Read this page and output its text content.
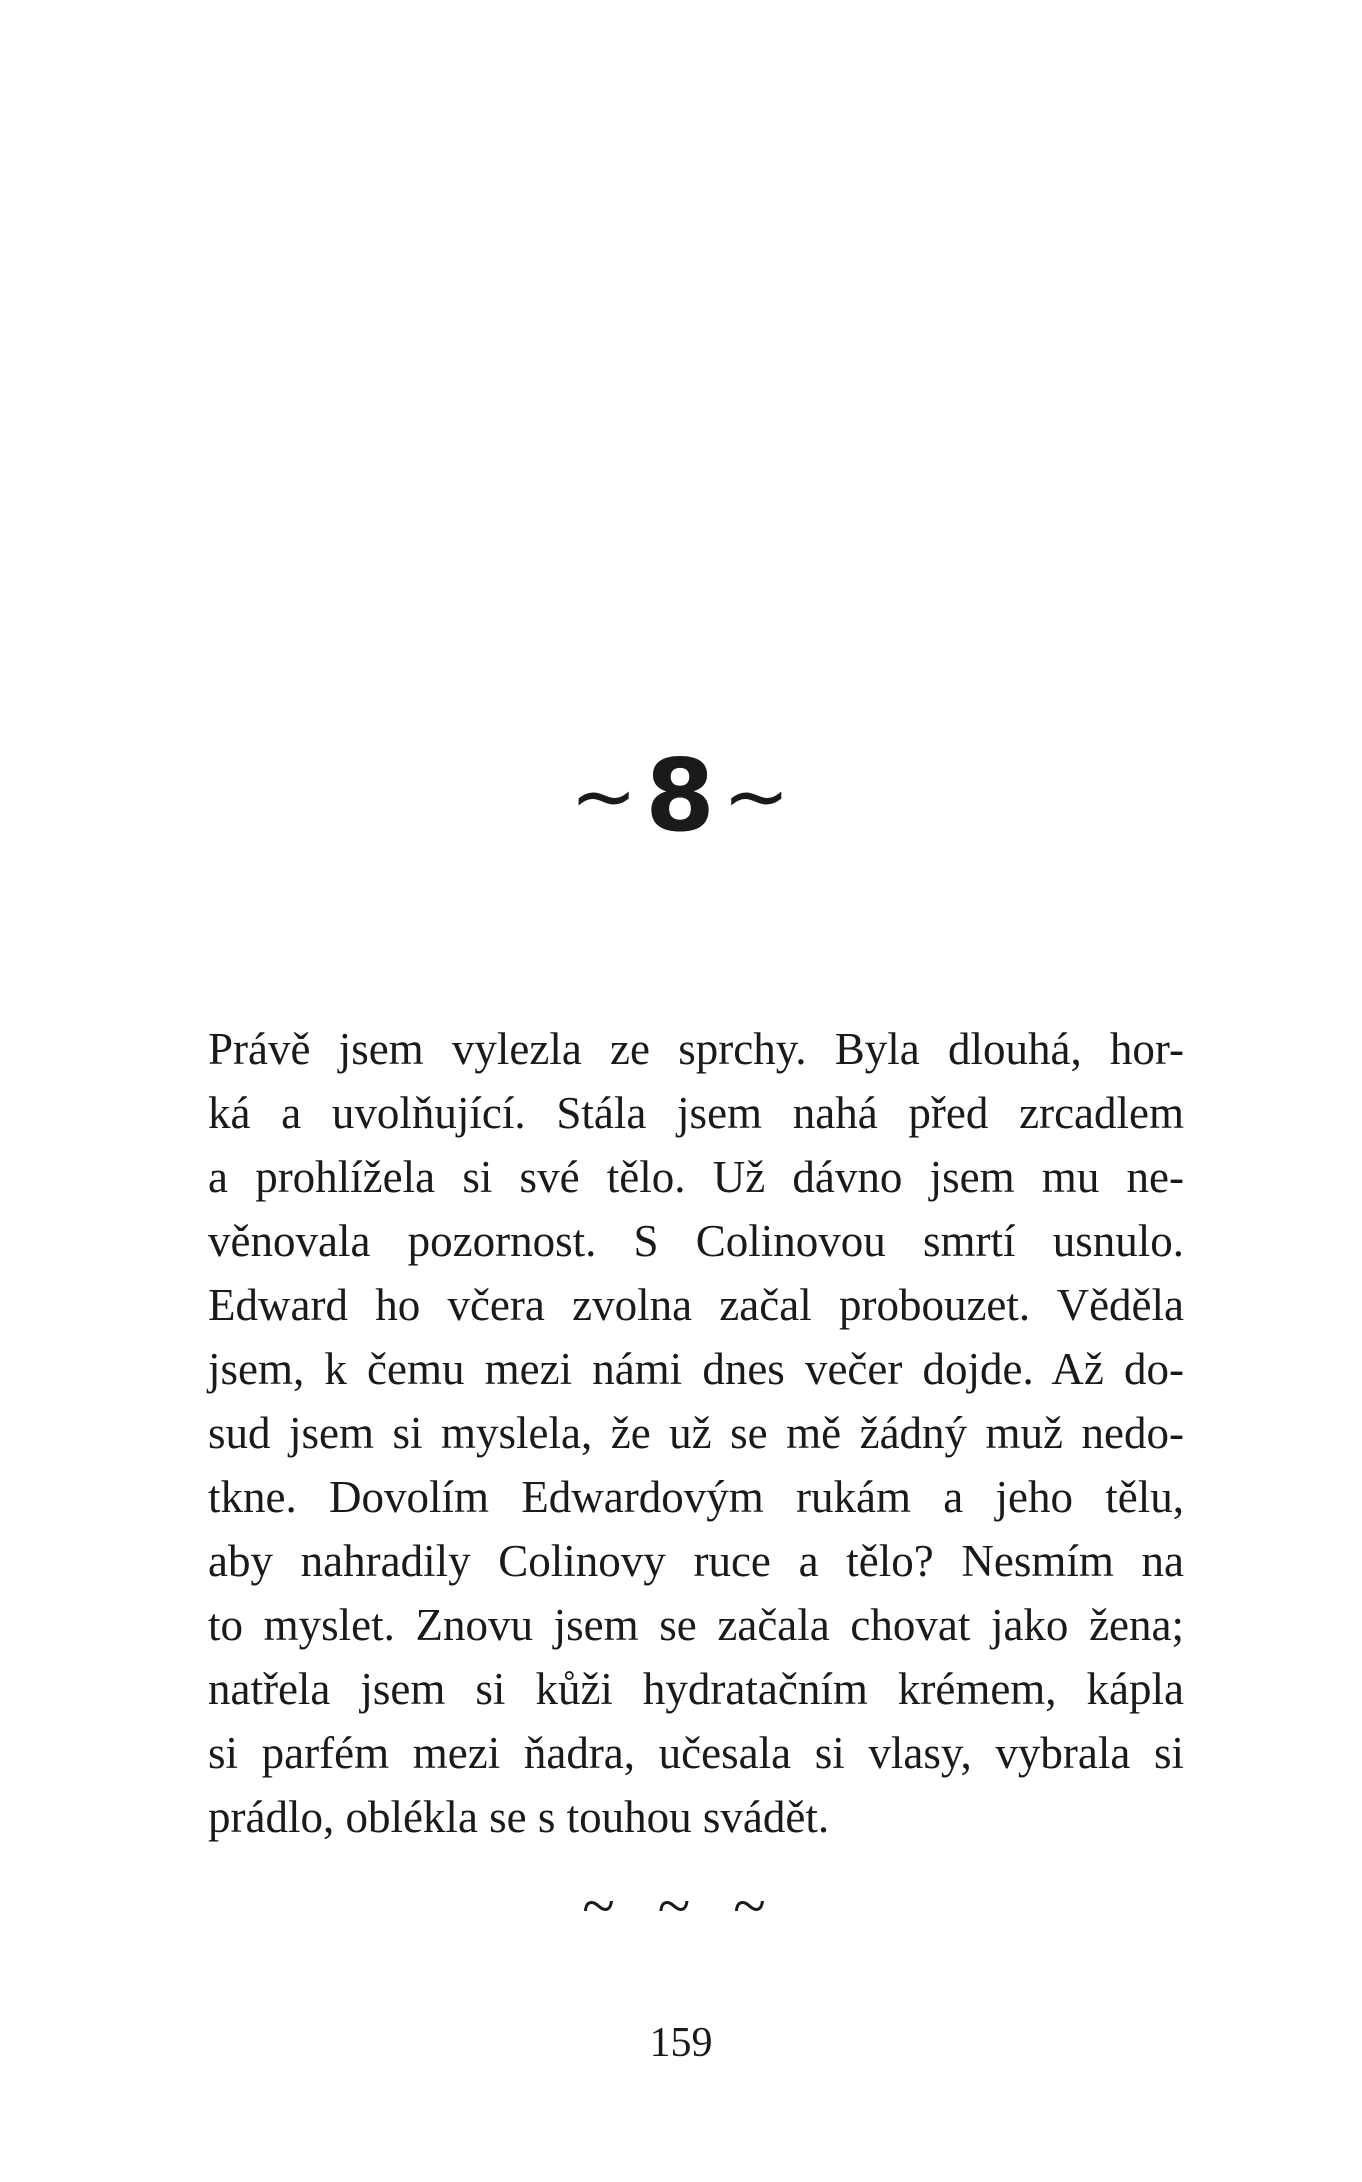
~8~

Právě jsem vylezla ze sprchy. Byla dlouhá, hor-
ká a uvolňující. Stála jsem nahá před zrcadlem
a prohlížela si své tělo. Už dávno jsem mu ne-
věnovala pozornost. S Colinovou smrtí usnulo.
Edward ho včera zvolna začal probouzet. Věděla
jsem, k čemu mezi námi dnes večer dojde. Až do-
sud jsem si myslela, že už se mě žádný muž nedo-
tkne. Dovolím Edwardovým rukám a jeho tělu,
aby nahradily Colinovy ruce a tělo? Nesmím na
to myslet. Znovu jsem se začala chovat jako žena;
natřela jsem si kůži hydratačním krémem, kápla
si parfém mezi ňadra, učesala si vlasy, vybrala si
prádlo, oblékla se s touhou svádět.

~ ~ ~
159
